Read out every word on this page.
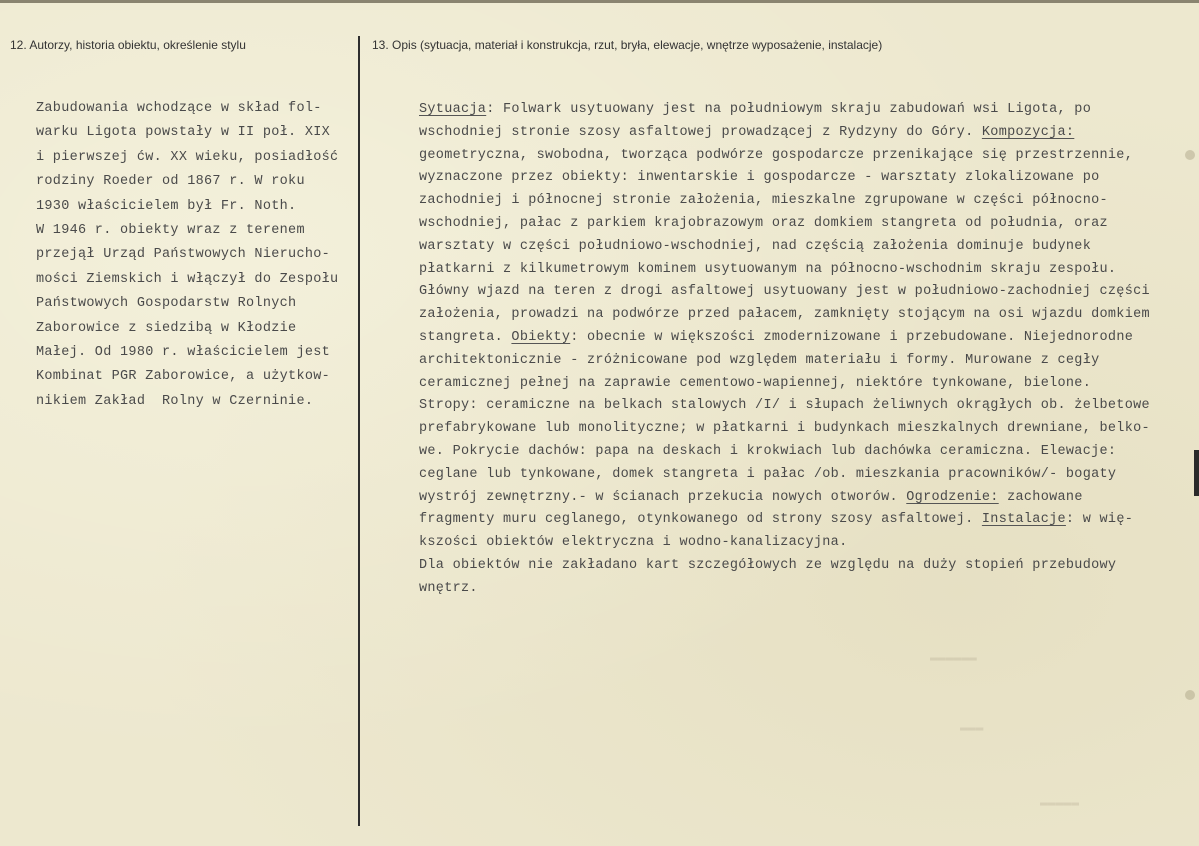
12. Autorzy, historia obiektu, określenie stylu	13. Opis (sytuacja, materiał i konstrukcja, rzut, bryła, elewacje, wnętrze wyposażenie, instalacje)
Zabudowania wchodzące w skład fol-
warku Ligota powstały w II poł. XIX
i pierwszej ćw. XX wieku, posiadłość
rodziny Roeder od 1867 r. W roku
1930 właścicielem był Fr. Noth.
W 1946 r. obiekty wraz z terenem
przejął Urząd Państwowych Nierucho-
mości Ziemskich i włączył do Zespołu
Państwowych Gospodarstw Rolnych
Zaborowice z siedzibą w Kłodzie
Małej. Od 1980 r. właścicielem jest
Kombinat PGR Zaborowice, a użytkow-
nikiem Zakład  Rolny w Czerninie.
Sytuacja: Folwark usytuowany jest na południowym skraju zabudowań wsi Ligota, po
wschodniej stronie szosy asfaltowej prowadzącej z Rydzyny do Góry. Kompozycja:
geometryczna, swobodna, tworząca podwórze gospodarcze przenikające się przestrzennie,
wyznaczone przez obiekty: inwentarskie i gospodarcze - warsztaty zlokalizowane po
zachodniej i północnej stronie założenia, mieszkalne zgrupowane w części północno-
wschodniej, pałac z parkiem krajobrazowym oraz domkiem stangreta od południa, oraz
warsztaty w części południowo-wschodniej, nad częścią założenia dominuje budynek
płatkarni z kilkumetrowym kominem usytuowanym na północno-wschodnim skraju zespołu.
Główny wjazd na teren z drogi asfaltowej usytuowany jest w południowo-zachodniej części
założenia, prowadzi na podwórze przed pałacem, zamknięty stojącym na osi wjazdu domkiem
stangreta. Obiekty: obecnie w większości zmodernizowane i przebudowane. Niejednorodne
architektonicznie - zróżnicowane pod względem materiału i formy. Murowane z cegły
ceramicznej pełnej na zaprawie cementowo-wapiennej, niektóre tynkowane, bielone.
Stropy: ceramiczne na belkach stalowych /I/ i słupach żeliwnych okrągłych ob. żelbetowe
prefabrykowane lub monolityczne; w płatkarni i budynkach mieszkalnych drewniane, belko-
we. Pokrycie dachów: papa na deskach i krokwiach lub dachówka ceramiczna. Elewacje:
ceglane lub tynkowane, domek stangreta i pałac /ob. mieszkania pracowników/- bogaty
wystrój zewnętrzny.- w ścianach przekucia nowych otworów. Ogrodzenie: zachowane
fragmenty muru ceglanego, otynkowanego od strony szosy asfaltowej. Instalacje: w wię-
kszości obiektów elektryczna i wodno-kanalizacyjna.
Dla obiektów nie zakładano kart szczegółowych ze względu na duży stopień przebudowy
wnętrz.
▬▬▬▬▬▬
▬▬▬
▬▬▬▬▬
